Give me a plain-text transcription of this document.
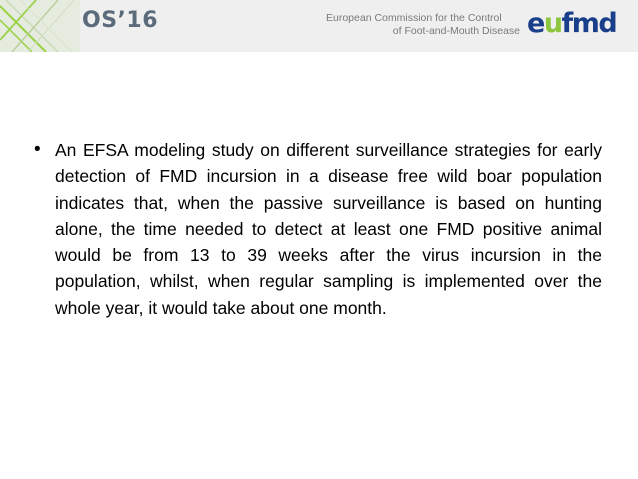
OS’16	European Commission for the Control
of Foot-and-Mouth Disease eufmd
• An EFSA modeling study on different surveillance strategies for early detection of FMD incursion in a disease free wild boar population indicates that, when the passive surveillance is based on hunting alone, the time needed to detect at least one FMD positive animal would be from 13 to 39 weeks after the virus incursion in the population, whilst, when regular sampling is implemented over the whole year, it would take about one month.
